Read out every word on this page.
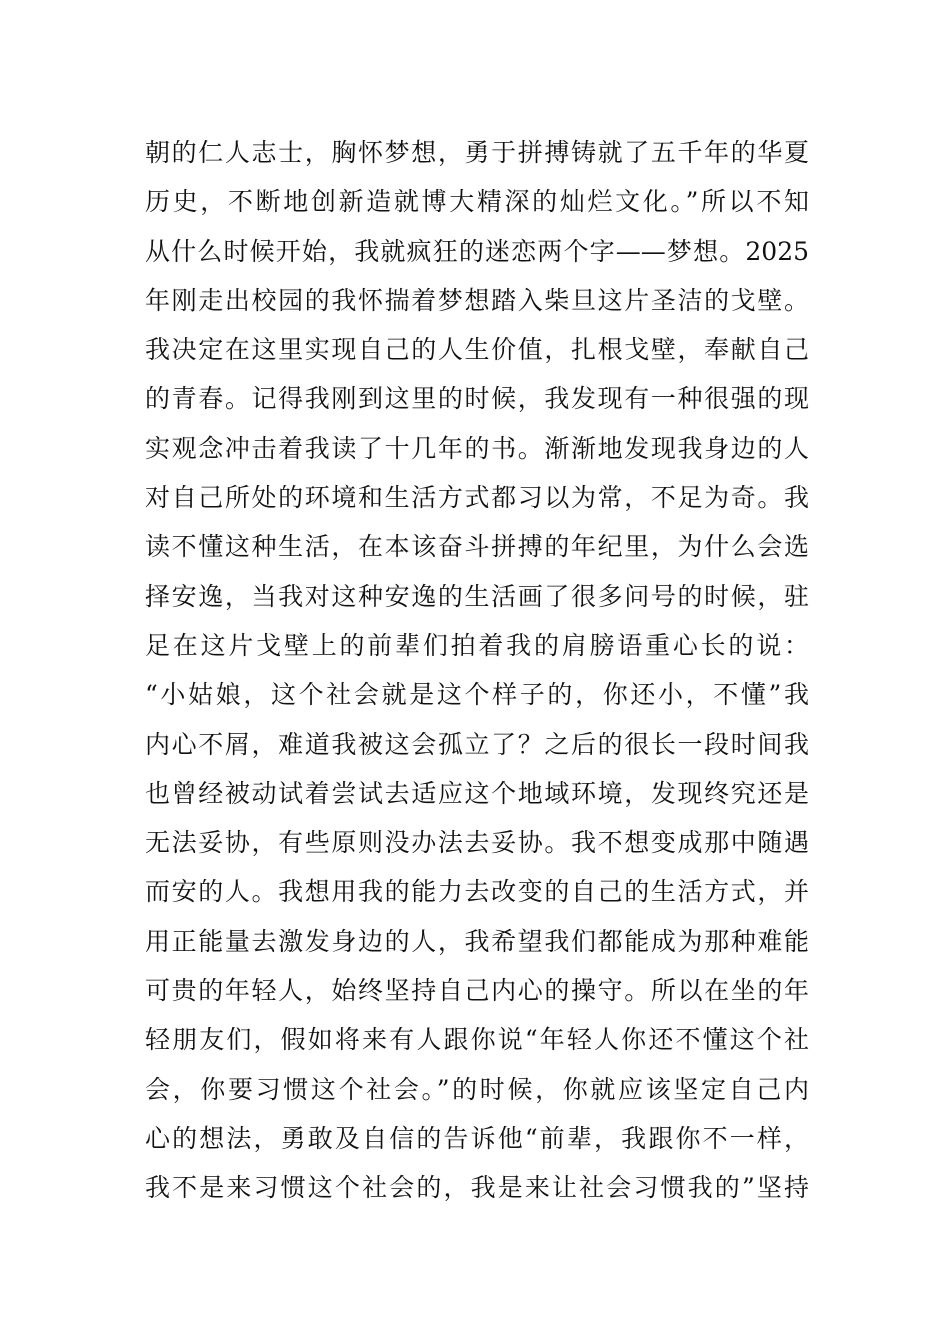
朝的仁人志士，胸怀梦想，勇于拼搏铸就了五千年的华夏
历史，不断地创新造就博大精深的灿烂文化。”所以不知
从什么时候开始，我就疯狂的迷恋两个字——梦想。2025
年刚走出校园的我怀揣着梦想踏入柴旦这片圣洁的戈壁。
我决定在这里实现自己的人生价值，扎根戈壁，奉献自己
的青春。记得我刚到这里的时候，我发现有一种很强的现
实观念冲击着我读了十几年的书。渐渐地发现我身边的人
对自己所处的环境和生活方式都习以为常，不足为奇。我
读不懂这种生活，在本该奋斗拼搏的年纪里，为什么会选
择安逸，当我对这种安逸的生活画了很多问号的时候，驻
足在这片戈壁上的前辈们拍着我的肩膀语重心长的说：
“小姑娘，这个社会就是这个样子的，你还小，不懂”我
内心不屑，难道我被这会孤立了？之后的很长一段时间我
也曾经被动试着尝试去适应这个地域环境，发现终究还是
无法妥协，有些原则没办法去妥协。我不想变成那中随遇
而安的人。我想用我的能力去改变的自己的生活方式，并
用正能量去激发身边的人，我希望我们都能成为那种难能
可贵的年轻人，始终坚持自己内心的操守。所以在坐的年
轻朋友们，假如将来有人跟你说“年轻人你还不懂这个社
会，你要习惯这个社会。”的时候，你就应该坚定自己内
心的想法，勇敢及自信的告诉他“前辈，我跟你不一样，
我不是来习惯这个社会的，我是来让社会习惯我的”坚持
